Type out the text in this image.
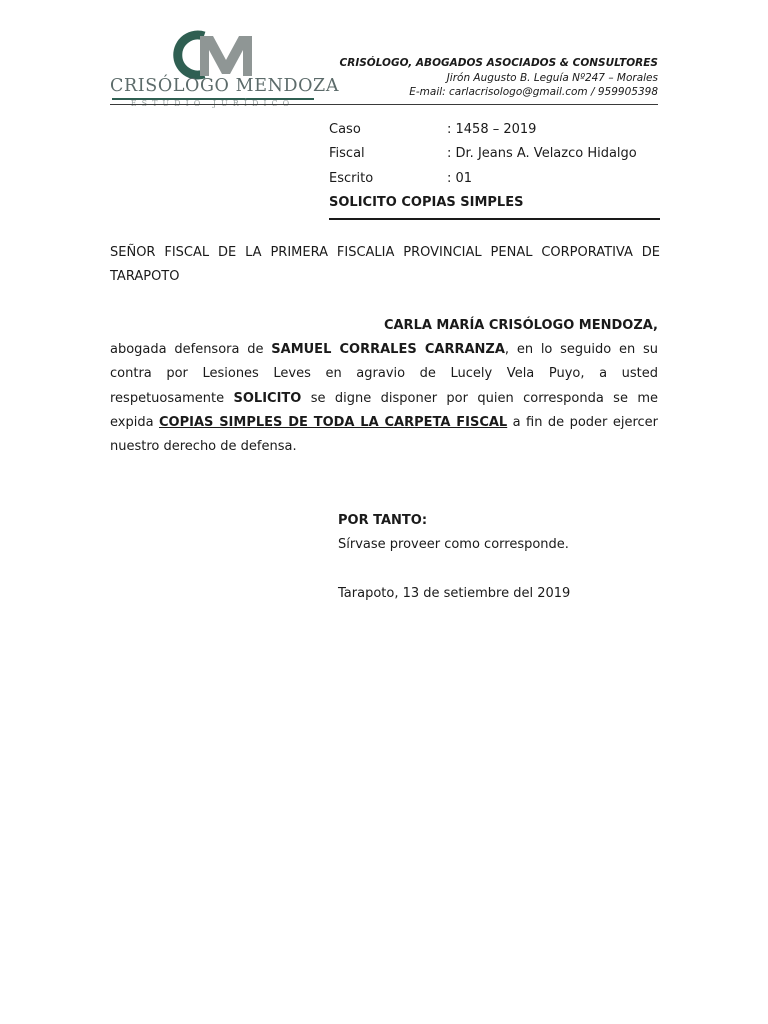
CRISÓLOGO MENDOZA
CRISÓLOGO, ABOGADOS ASOCIADOS & CONSULTORES
Jirón Augusto B. Leguía Nº247 – Morales
E-mail: carlacrisologo@gmail.com / 959905398
Caso	: 1458 – 2019
Fiscal	: Dr. Jeans A. Velazco Hidalgo
Escrito	: 01
SOLICITO COPIAS SIMPLES
SEÑOR FISCAL DE LA PRIMERA FISCALIA PROVINCIAL PENAL CORPORATIVA DE TARAPOTO
CARLA MARÍA CRISÓLOGO MENDOZA,
abogada defensora de SAMUEL CORRALES CARRANZA, en lo seguido en su contra por Lesiones Leves en agravio de Lucely Vela Puyo, a usted respetuosamente SOLICITO se digne disponer por quien corresponda se me expida COPIAS SIMPLES DE TODA LA CARPETA FISCAL a fin de poder ejercer nuestro derecho de defensa.
POR TANTO:
Sírvase proveer como corresponde.
Tarapoto, 13 de setiembre del 2019
